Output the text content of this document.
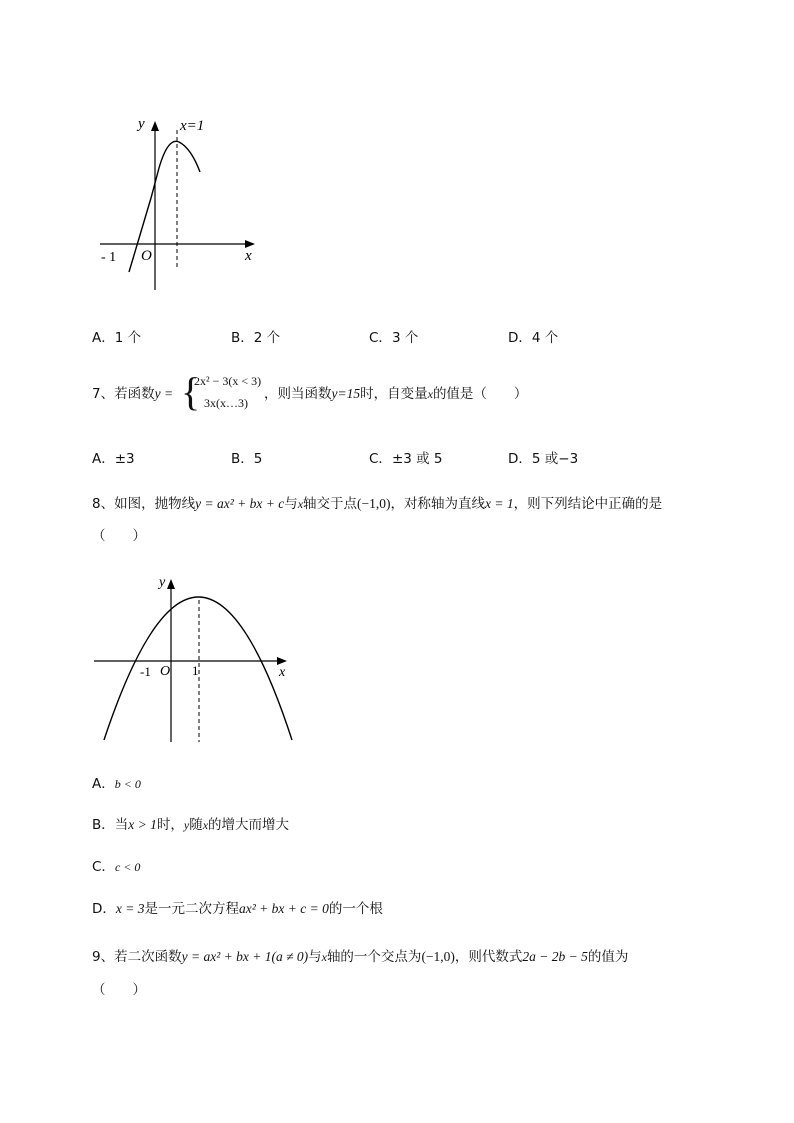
y x=1
x
O
- 1
A．1 个	B．2 个	C．3 个	D．4 个
7、若函数y = {
2x² − 3(x < 3)
3x(x…3)
，则当函数y=15时，自变量x的值是（　　）
A．±3	B．5	C．±3 或 5	D．5 或−3
8、如图，抛物线y = ax² + bx + c与x轴交于点(−1,0)，对称轴为直线x = 1，则下列结论中正确的是
（　　）
y
x
-1 O 1
A．b < 0
B．当x > 1时，y随x的增大而增大
C．c < 0
D．x = 3是一元二次方程ax² + bx + c = 0的一个根
9、若二次函数y = ax² + bx + 1(a ≠ 0)与x轴的一个交点为(−1,0)，则代数式2a − 2b − 5的值为
（　　）
